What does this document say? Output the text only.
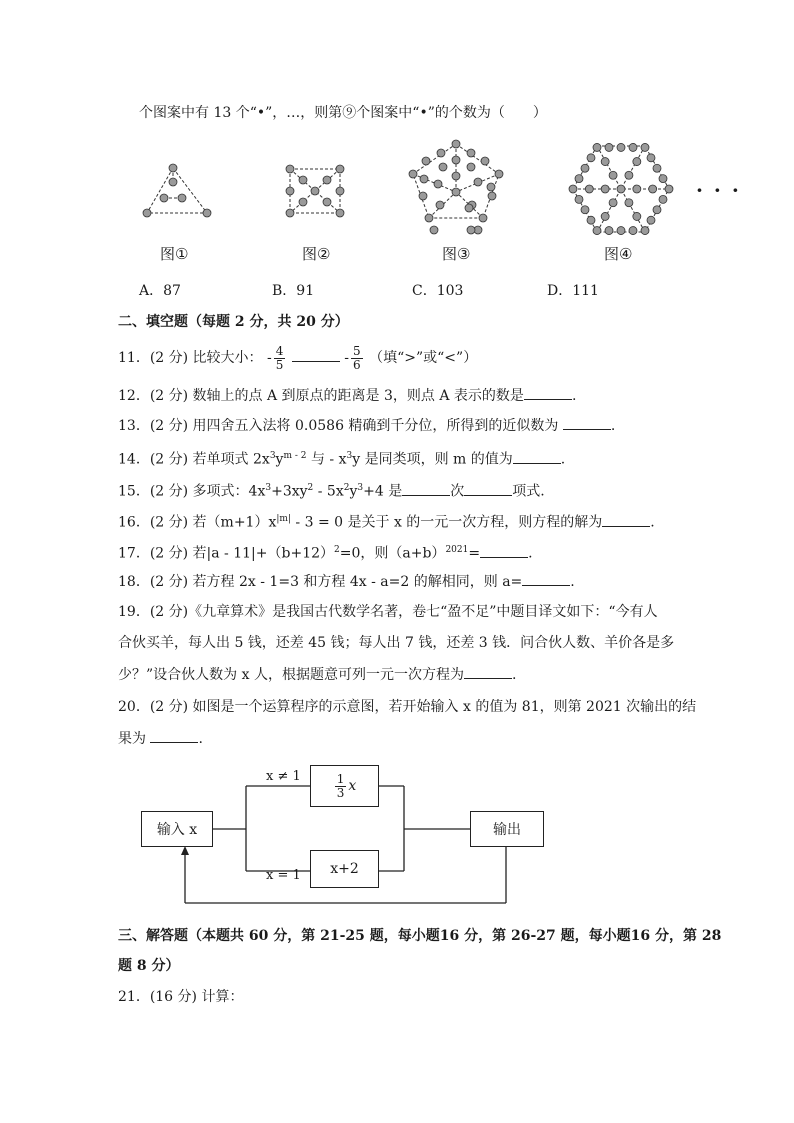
个图案中有 13 个“•”，…，则第⑨个图案中“•”的个数为（　　）
图①	图②	图③	图④
· · ·
A．87	B．91	C．103	D．111
二、填空题（每题 2 分，共 20 分）
11．(2 分) 比较大小： - $\frac{4}{5}$	- $\frac{5}{6}$ （填“>”或“<”）
12．(2 分) 数轴上的点 A 到原点的距离是 3，则点 A 表示的数是	.
13．(2 分) 用四舍五入法将 0.0586 精确到千分位，所得到的近似数为	.
14．(2 分) 若单项式 $2x^3y^{m - 2}$ 与 - $x^3y$ 是同类项，则 m 的值为	.
15．(2 分) 多项式：$4x^3+3xy^2 - 5x^2y^3+4$ 是	次	项式.
16．(2 分) 若$(m+1)x^{|m|} - 3 = 0$ 是关于 x 的一元一次方程，则方程的解为	.
17．(2 分) 若$|a - 11|+(b+12)^2=0$，则$(a+b)^{2021}=$	.
18．(2 分) 若方程 2x - 1=3 和方程 4x - a=2 的解相同，则 a=	.
19．(2 分)《九章算术》是我国古代数学名著，卷七“盈不足”中题目译文如下：“今有人
合伙买羊，每人出 5 钱，还差 45 钱；每人出 7 钱，还差 3 钱．问合伙人数、羊价各是多
少？”设合伙人数为 x 人，根据题意可列一元一次方程为	.
20．(2 分) 如图是一个运算程序的示意图，若开始输入 x 的值为 81，则第 2021 次输出的结
果为	.
输入 x
$\frac{1}{3}$ x
x+2
输出
x ≠ 1
x = 1
三、解答题（本题共 60 分，第 21-25 题，每小题16 分，第 26-27 题，每小题16 分，第 28
题 8 分）
21．(16 分) 计算：
